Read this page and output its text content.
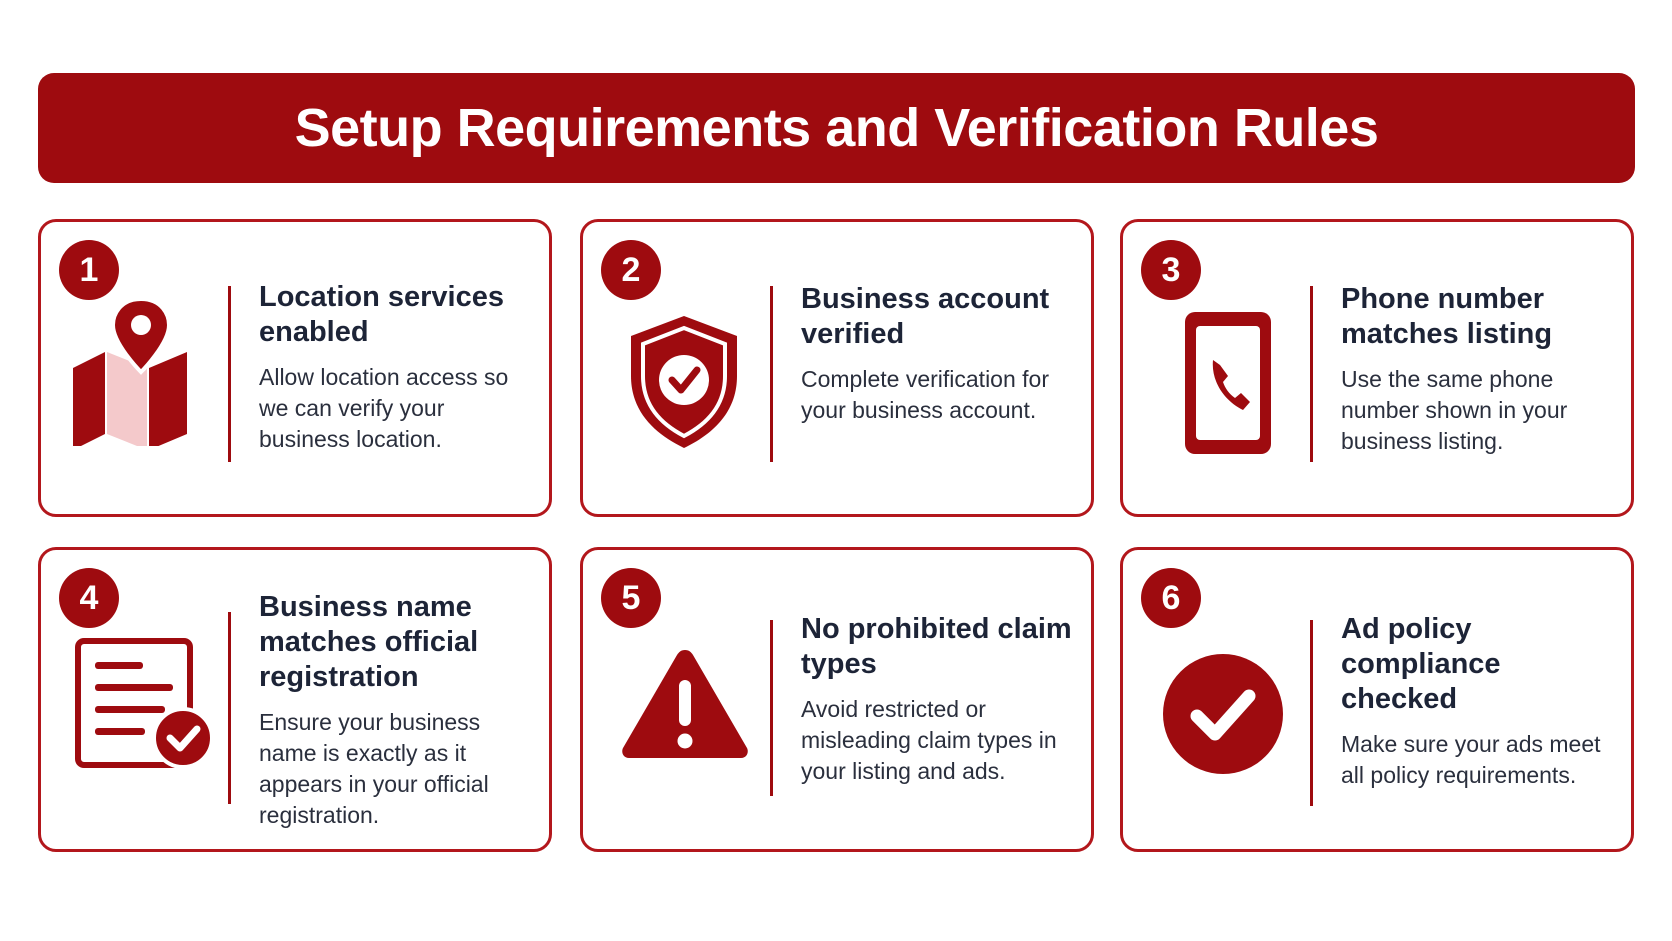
Setup Requirements and Verification Rules
1
Location services enabled
Allow location access so we can verify your business location.
2
Business account verified
Complete verification for your business account.
3
Phone number matches listing
Use the same phone number shown in your business listing.
4	Business name matches official registration
Ensure your business name is exactly as it appears in your official registration.
5
No prohibited claim types
Avoid restricted or misleading claim types in your listing and ads.
6
Ad policy compliance checked
Make sure your ads meet all policy requirements.
